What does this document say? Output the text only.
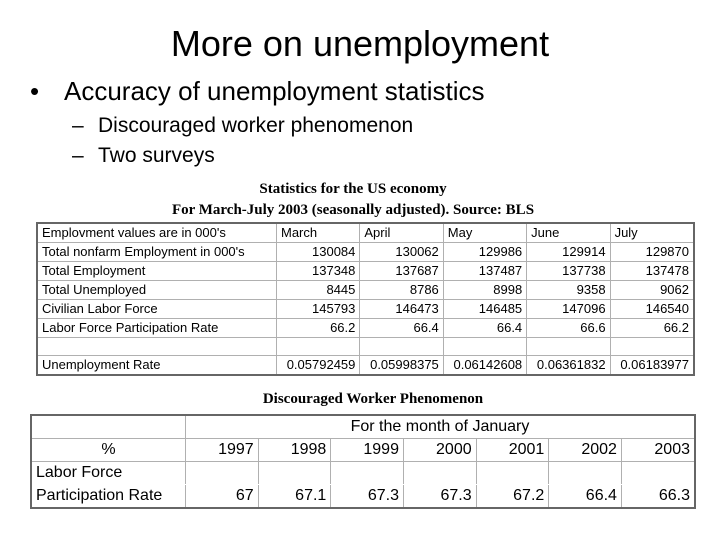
More on unemployment
• Accuracy of unemployment statistics
– Discouraged worker phenomenon
– Two surveys
Statistics for the US economy
For March-July 2003 (seasonally adjusted). Source: BLS
Emplovment values are in 000's	March	April	May	June	July
Total nonfarm Employment in 000's	130084	130062	129986	129914	129870
Total Employment	137348	137687	137487	137738	137478
Total Unemployed	8445	8786	8998	9358	9062
Civilian Labor Force	145793	146473	146485	147096	146540
Labor Force Participation Rate	66.2	66.4	66.4	66.6	66.2

Unemployment Rate	0.05792459	0.05998375	0.06142608	0.06361832	0.06183977
Discouraged Worker Phenomenon
	For the month of January						
%	1997	1998	1999	2000	2001	2002	2003
Labor Force							
Participation Rate	67	67.1	67.3	67.3	67.2	66.4	66.3
